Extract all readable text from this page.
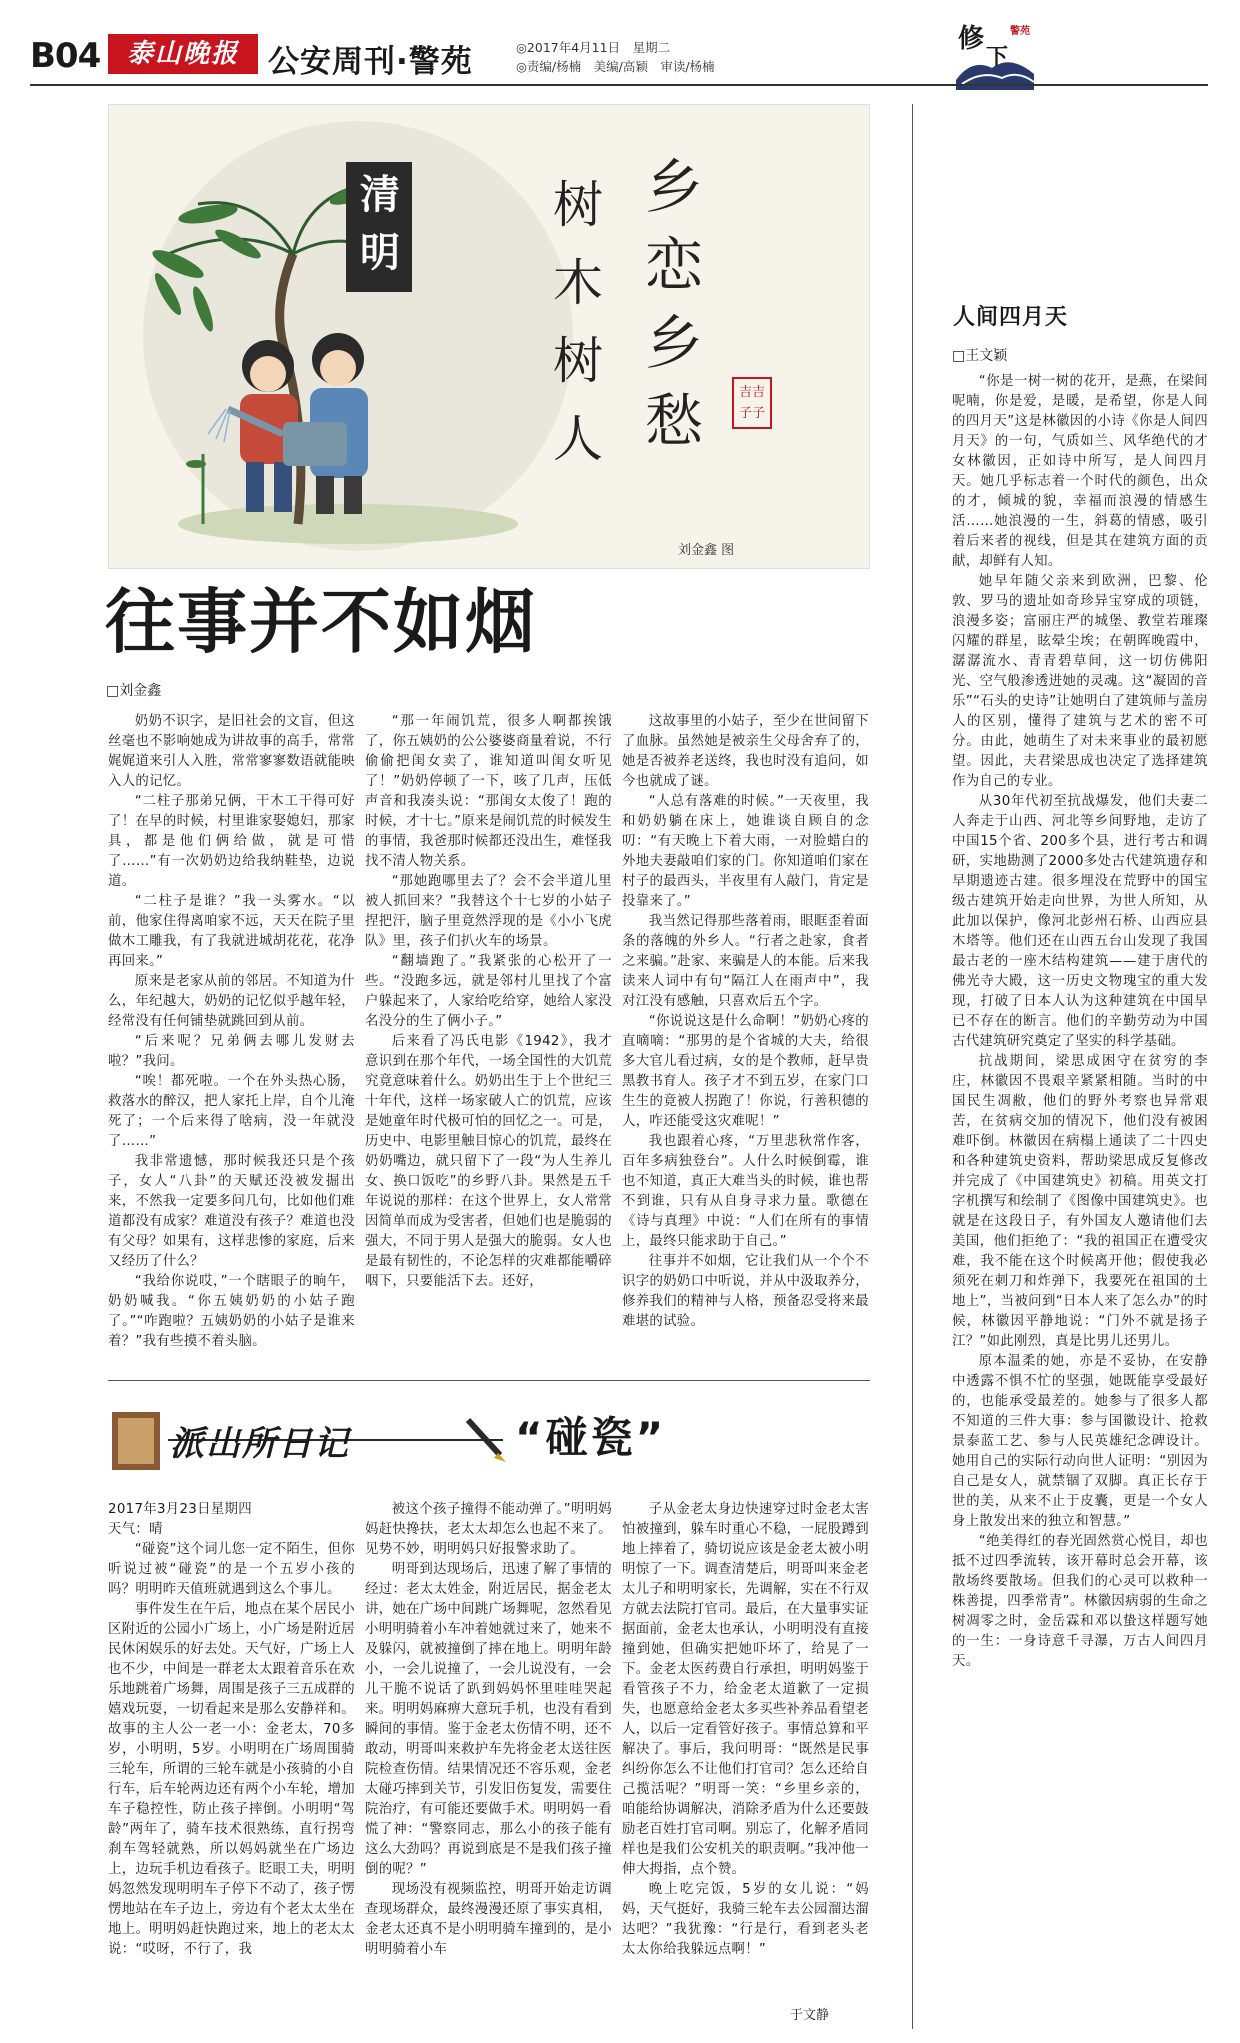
B04	泰山晚报 公安周刊·警苑	◎2017年4月11日　星期二
◎责编/杨楠　美编/高颖　审读/杨楠
修
下
警苑
清
明
乡
恋
乡
愁
树
木
树
人
吉吉子子
刘金鑫 图
往事并不如烟
□刘金鑫

奶奶不识字，是旧社会的文盲，但这丝毫也不影响她成为讲故事的高手，常常娓娓道来引人入胜，常常寥寥数语就能映入人的记忆。

“二柱子那弟兄俩，干木工干得可好了！在早的时候，村里谁家娶媳妇，那家具，都是他们俩给做，就是可惜了……”有一次奶奶边给我纳鞋垫，边说道。

“二柱子是谁？”我一头雾水。“以前，他家住得离咱家不远，天天在院子里做木工雕我，有了我就进城胡花花，花净再回来。”

原来是老家从前的邻居。不知道为什么，年纪越大，奶奶的记忆似乎越年轻，经常没有任何铺垫就跳回到从前。

“后来呢？兄弟俩去哪儿发财去啦？”我问。

“唉！都死啦。一个在外头热心肠，救落水的醉汉，把人家托上岸，自个儿淹死了；一个后来得了啥病，没一年就没了……”

我非常遗憾，那时候我还只是个孩子，女人“八卦”的天赋还没被发掘出来，不然我一定要多问几句，比如他们难道都没有成家？难道没有孩子？难道也没有父母？如果有，这样悲惨的家庭，后来又经历了什么？

“我给你说哎，”一个瞎眼子的晌午，奶奶喊我。“你五姨奶奶的小姑子跑了。”“咋跑啦？五姨奶奶的小姑子是谁来着？”我有些摸不着头脑。

“那一年闹饥荒，很多人啊都挨饿了，你五姨奶的公公婆婆商量着说，不行偷偷把闺女卖了，谁知道叫闺女听见了！”奶奶停顿了一下，咳了几声，压低声音和我凑头说：“那闺女太俊了！跑的时候，才十七。”原来是闹饥荒的时候发生的事情，我爸那时候都还没出生，难怪我找不清人物关系。

“那她跑哪里去了？会不会半道儿里被人抓回来？”我替这个十七岁的小姑子捏把汗，脑子里竟然浮现的是《小小飞虎队》里，孩子们扒火车的场景。

“翻墙跑了。”我紧张的心松开了一些。“没跑多远，就是邻村儿里找了个富户躲起来了，人家给吃给穿，她给人家没名没分的生了俩小子。”

后来看了冯氏电影《1942》，我才意识到在那个年代，一场全国性的大饥荒究竟意味着什么。奶奶出生于上个世纪三十年代，这样一场家破人亡的饥荒，应该是她童年时代极可怕的回忆之一。可是，历史中、电影里触目惊心的饥荒，最终在奶奶嘴边，就只留下了一段“为人生养儿女、换口饭吃”的乡野八卦。果然是五千年说说的那样：在这个世界上，女人常常因简单而成为受害者，但她们也是脆弱的强大，不同于男人是强大的脆弱。女人也是最有韧性的，不论怎样的灾难都能嚼碎咽下，只要能活下去。还好，

这故事里的小姑子，至少在世间留下了血脉。虽然她是被亲生父母舍弃了的，她是否被养老送终，我也时没有追问，如今也就成了谜。

“人总有落难的时候。”一天夜里，我和奶奶躺在床上，她谁谈自顾自的念叨：“有天晚上下着大雨，一对脸蜡白的外地夫妻敲咱们家的门。你知道咱们家在村子的最西头，半夜里有人敲门，肯定是投靠来了。”

我当然记得那些落着雨，眼眶歪着面条的落魄的外乡人。“行者之赴家，食者之来骗。”赴家、来骗是人的本能。后来我读来人词中有句“隔江人在雨声中”，我对江没有感触，只喜欢后五个字。

“你说说这是什么命啊！”奶奶心疼的直嘀嘀：“那男的是个省城的大夫，给很多大官儿看过病，女的是个教师，赶早贵黑教书育人。孩子才不到五岁，在家门口生生的竟被人拐跑了！你说，行善积德的人，咋还能受这灾难呢！”

我也跟着心疼，“万里悲秋常作客，百年多病独登台”。人什么时候倒霉，谁也不知道，真正大难当头的时候，谁也帮不到谁，只有从自身寻求力量。歌德在《诗与真理》中说：“人们在所有的事情上，最终只能求助于自己。”

往事并不如烟，它让我们从一个个不识字的奶奶口中听说，并从中汲取养分，修养我们的精神与人格，预备忍受将来最难堪的试验。

人间四月天
□王文颖

“你是一树一树的花开，是燕，在梁间呢喃，你是爱，是暖，是希望，你是人间的四月天”这是林徽因的小诗《你是人间四月天》的一句，气质如兰、风华绝代的才女林徽因，正如诗中所写，是人间四月天。她几乎标志着一个时代的颜色，出众的才，倾城的貌，幸福而浪漫的情感生活……她浪漫的一生，斜葛的情感，吸引着后来者的视线，但是其在建筑方面的贡献，却鲜有人知。

她早年随父亲来到欧洲，巴黎、伦敦、罗马的遗址如奇珍异宝穿成的项链，浪漫多姿；富丽庄严的城堡、教堂若璀璨闪耀的群星，眩晕尘埃；在朝晖晚霞中，潺潺流水、青青碧草间，这一切仿佛阳光、空气般渗透进她的灵魂。这“凝固的音乐”“石头的史诗”让她明白了建筑师与盖房人的区别，懂得了建筑与艺术的密不可分。由此，她萌生了对未来事业的最初愿望。因此，夫君梁思成也决定了选择建筑作为自己的专业。

从30年代初至抗战爆发，他们夫妻二人奔走于山西、河北等乡间野地，走访了中国15个省、200多个县，进行考古和调研，实地勘测了2000多处古代建筑遗存和早期遗迹古建。很多埋没在荒野中的国宝级古建筑开始走向世界，为世人所知，从此加以保护，像河北彭州石桥、山西应县木塔等。他们还在山西五台山发现了我国最古老的一座木结构建筑——建于唐代的佛光寺大殿，这一历史文物瑰宝的重大发现，打破了日本人认为这种建筑在中国早已不存在的断言。他们的辛勤劳动为中国古代建筑研究奠定了坚实的科学基础。

抗战期间，梁思成困守在贫穷的李庄，林徽因不畏艰辛紧紧相随。当时的中国民生凋敝，他们的野外考察也异常艰苦，在贫病交加的情况下，他们没有被困难吓倒。林徽因在病榻上通读了二十四史和各种建筑史资料，帮助梁思成反复修改并完成了《中国建筑史》初稿。用英文打字机撰写和绘制了《图像中国建筑史》。也就是在这段日子，有外国友人邀请他们去美国，他们拒绝了：“我的祖国正在遭受灾难，我不能在这个时候离开他；假使我必须死在刺刀和炸弹下，我要死在祖国的土地上”，当被问到“日本人来了怎么办”的时候，林徽因平静地说：“门外不就是扬子江？”如此刚烈，真是比男儿还男儿。

原本温柔的她，亦是不妥协，在安静中透露不惧不忙的坚强，她既能享受最好的，也能承受最差的。她参与了很多人都不知道的三件大事：参与国徽设计、抢救景泰蓝工艺、参与人民英雄纪念碑设计。她用自己的实际行动向世人证明：“别因为自己是女人，就禁锢了双脚。真正长存于世的美，从来不止于皮囊，更是一个女人身上散发出来的独立和智慧。”

“绝美得红的春光固然赏心悦目，却也抵不过四季流转，该开幕时总会开幕，该散场终要散场。但我们的心灵可以救种一株善提，四季常青”。林徽因病弱的生命之树凋零之时，金岳霖和邓以蛰这样题写她的一生：一身诗意千寻瀑，万古人间四月天。

派出所日记	“碰瓷”
2017年3月23日星期四
天气：晴

“碰瓷”这个词儿您一定不陌生，但你听说过被“碰瓷”的是一个五岁小孩的吗？明明昨天值班就遇到这么个事儿。

事件发生在午后，地点在某个居民小区附近的公园小广场上，小广场是附近居民休闲娱乐的好去处。天气好，广场上人也不少，中间是一群老太太跟着音乐在欢乐地跳着广场舞，周围是孩子三五成群的嬉戏玩耍，一切看起来是那么安静祥和。故事的主人公一老一小：金老太，70多岁，小明明，5岁。小明明在广场周围骑三轮车，所谓的三轮车就是小孩骑的小自行车，后车轮两边还有两个小车轮，增加车子稳控性，防止孩子摔倒。小明明“驾龄”两年了，骑车技术很熟练，直行拐弯刹车驾轻就熟，所以妈妈就坐在广场边上，边玩手机边看孩子。眨眼工夫，明明妈忽然发现明明车子停下不动了，孩子愣愣地站在车子边上，旁边有个老太太坐在地上。明明妈赶快跑过来，地上的老太太说：“哎呀，不行了，我

被这个孩子撞得不能动弹了。”明明妈妈赶快搀扶，老太太却怎么也起不来了。见势不妙，明明妈只好报警求助了。

明哥到达现场后，迅速了解了事情的经过：老太太姓金，附近居民，据金老太讲，她在广场中间跳广场舞呢，忽然看见小明明骑着小车冲着她就过来了，她来不及躲闪，就被撞倒了摔在地上。明明年龄小，一会儿说撞了，一会儿说没有，一会儿干脆不说话了趴到妈妈怀里哇哇哭起来。明明妈麻痹大意玩手机，也没有看到瞬间的事情。鉴于金老太伤情不明，还不敢动，明哥叫来救护车先将金老太送往医院检查伤情。结果情况还不容乐观，金老太碰巧摔到关节，引发旧伤复发，需要住院治疗，有可能还要做手术。明明妈一看慌了神：“警察同志，那么小的孩子能有这么大劲吗？再说到底是不是我们孩子撞倒的呢？”

现场没有视频监控，明哥开始走访调查现场群众，最终漫漫还原了事实真相，金老太还真不是小明明骑车撞到的，是小明明骑着小车

子从金老太身边快速穿过时金老太害怕被撞到，躲车时重心不稳，一屁股蹲到地上摔着了，骑切说应该是金老太被小明明惊了一下。调查清楚后，明哥叫来金老太儿子和明明家长，先调解，实在不行双方就去法院打官司。最后，在大量事实证据面前，金老太也承认，小明明没有直接撞到她，但确实把她吓坏了，给晃了一下。金老太医药费自行承担，明明妈鉴于看管孩子不力，给金老太道歉了一定损失，也愿意给金老太多买些补养品看望老人，以后一定看管好孩子。事情总算和平解决了。事后，我问明哥：“既然是民事纠纷你怎么不让他们打官司？怎么还给自己揽活呢？”明哥一笑：“乡里乡亲的，咱能给协调解决，消除矛盾为什么还要鼓励老百姓打官司啊。别忘了，化解矛盾同样也是我们公安机关的职责啊。”我冲他一伸大拇指，点个赞。

晚上吃完饭，5岁的女儿说：“妈妈，天气挺好，我骑三轮车去公园溜达溜达吧？”我犹豫：“行是行，看到老头老太太你给我躲远点啊！”

于文静
